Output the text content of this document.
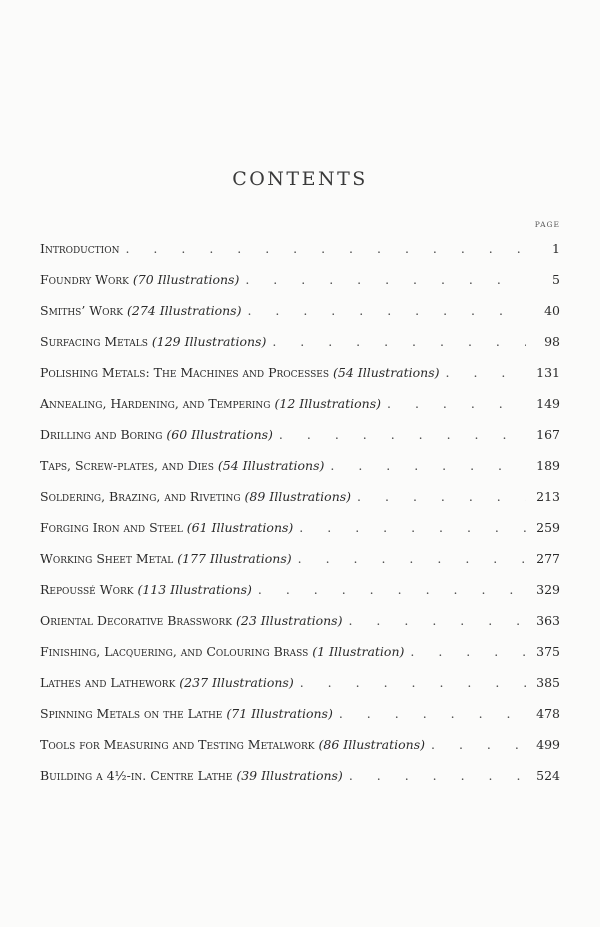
CONTENTS
PAGE
Introduction . . .	1
Foundry Work (70 Illustrations) . . .	5
Smiths’ Work (274 Illustrations) . . .	40
Surfacing Metals (129 Illustrations) . . .	98
Polishing Metals: The Machines and Processes (54 Illustrations) . . .	131
Annealing, Hardening, and Tempering (12 Illustrations) . . .	149
Drilling and Boring (60 Illustrations) . . .	167
Taps, Screw-plates, and Dies (54 Illustrations) . . .	189
Soldering, Brazing, and Riveting (89 Illustrations) . . .	213
Forging Iron and Steel (61 Illustrations) . . .	259
Working Sheet Metal (177 Illustrations) . . .	277
Repoussé Work (113 Illustrations) . . .	329
Oriental Decorative Brasswork (23 Illustrations) . . .	363
Finishing, Lacquering, and Colouring Brass (1 Illustration) . . .	375
Lathes and Lathework (237 Illustrations) . . .	385
Spinning Metals on the Lathe (71 Illustrations) . . .	478
Tools for Measuring and Testing Metalwork (86 Illustrations) . . .	499
Building a 4½-in. Centre Lathe (39 Illustrations) . . .	524
